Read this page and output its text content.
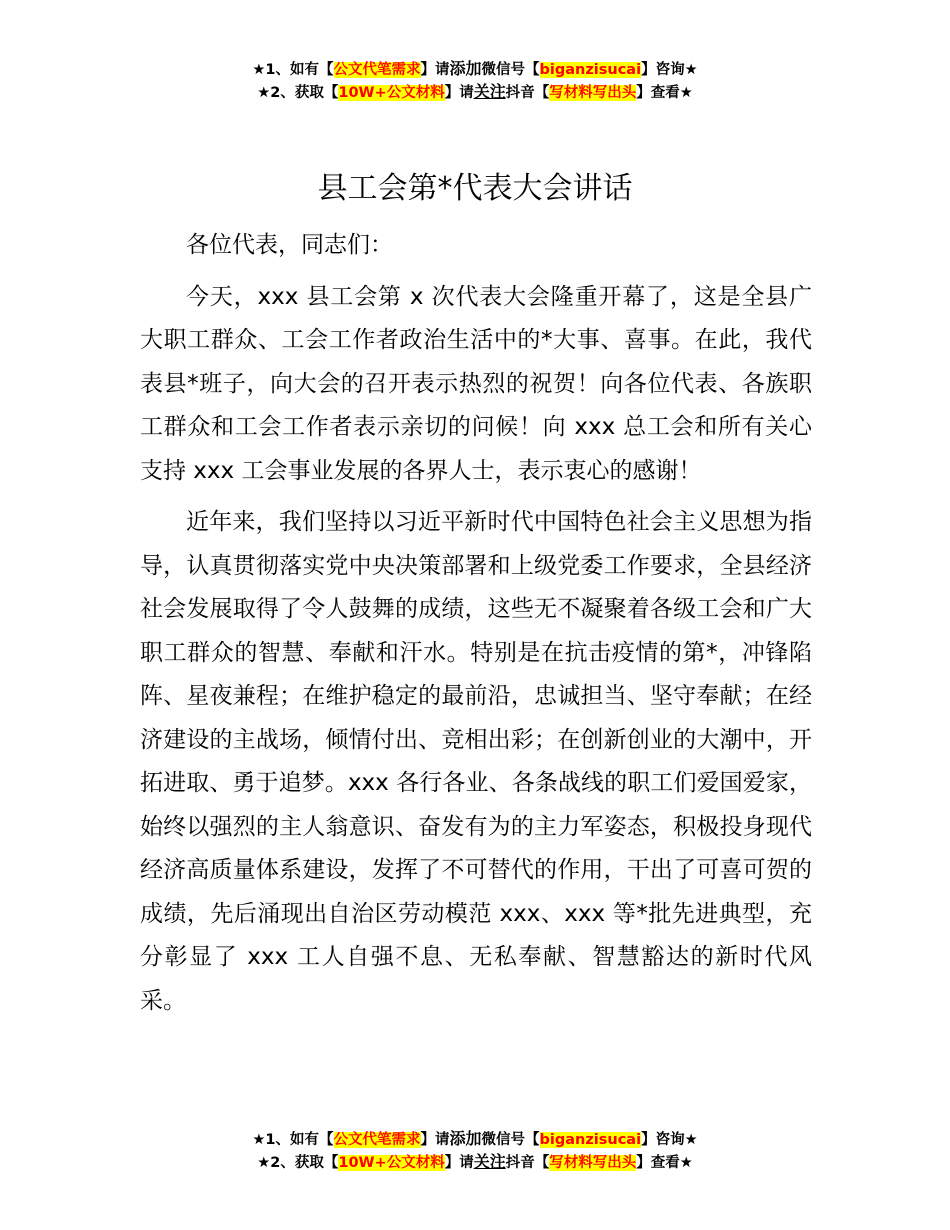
★1、如有【公文代笔需求】请添加微信号【biganzisucai】咨询★
★2、获取【10W+公文材料】请关注抖音【写材料写出头】查看★
县工会第*代表大会讲话

各位代表，同志们：

今天，xxx 县工会第 x 次代表大会隆重开幕了，这是全县广大职工群众、工会工作者政治生活中的*大事、喜事。在此，我代表县*班子，向大会的召开表示热烈的祝贺！向各位代表、各族职工群众和工会工作者表示亲切的问候！向 xxx 总工会和所有关心支持 xxx 工会事业发展的各界人士，表示衷心的感谢！

近年来，我们坚持以习近平新时代中国特色社会主义思想为指导，认真贯彻落实党中央决策部署和上级党委工作要求，全县经济社会发展取得了令人鼓舞的成绩，这些无不凝聚着各级工会和广大职工群众的智慧、奉献和汗水。特别是在抗击疫情的第*，冲锋陷阵、星夜兼程；在维护稳定的最前沿，忠诚担当、坚守奉献；在经济建设的主战场，倾情付出、竞相出彩；在创新创业的大潮中，开拓进取、勇于追梦。xxx 各行各业、各条战线的职工们爱国爱家，始终以强烈的主人翁意识、奋发有为的主力军姿态，积极投身现代经济高质量体系建设，发挥了不可替代的作用，干出了可喜可贺的成绩，先后涌现出自治区劳动模范 xxx、xxx 等*批先进典型，充分彰显了 xxx 工人自强不息、无私奉献、智慧豁达的新时代风采。

★1、如有【公文代笔需求】请添加微信号【biganzisucai】咨询★
★2、获取【10W+公文材料】请关注抖音【写材料写出头】查看★
